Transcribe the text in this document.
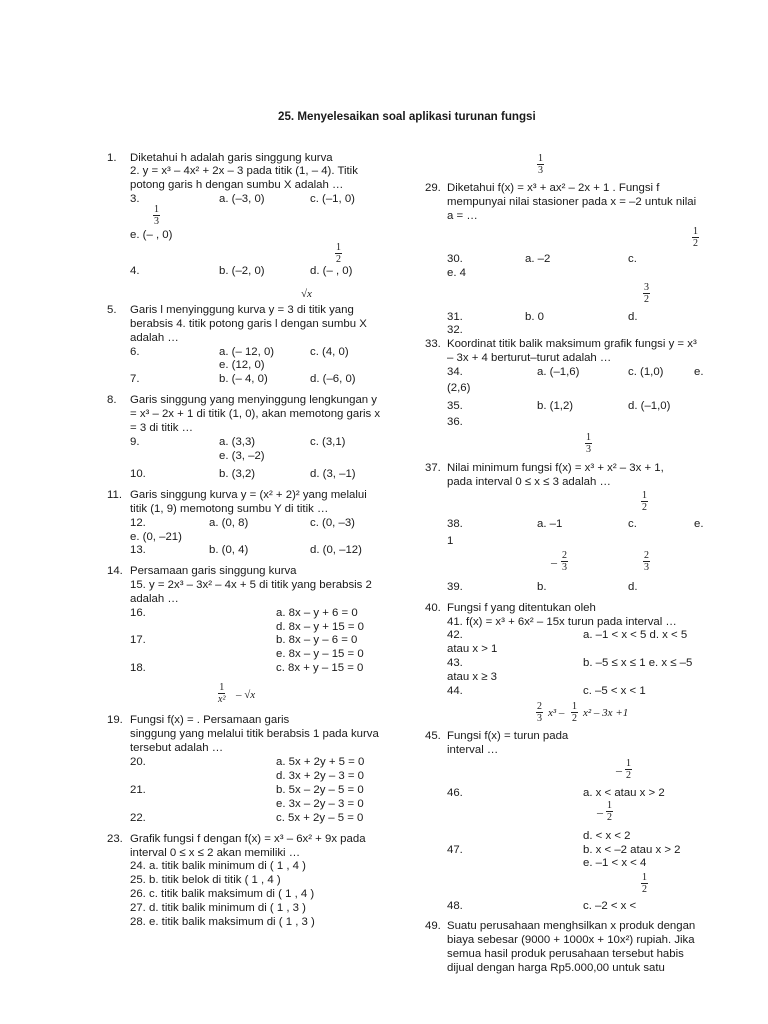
25. Menyelesaikan soal aplikasi turunan fungsi
1. Diketahui h adalah garis singgung kurva
2. y = x³ – 4x² + 2x – 3 pada titik (1, – 4). Titik
potong garis h dengan sumbu X adalah …
3.	a. (–3, 0)	c. (–1, 0)
$\frac{1}{3}$
e. (– , 0)
$\frac{1}{2}$
4.	b. (–2, 0)	d. (– , 0)
√x
5. Garis l menyinggung kurva y = 3 di titik yang
berabsis 4. titik potong garis l dengan sumbu X
adalah …
6.	a. (– 12, 0)	c. (4, 0)
e. (12, 0)
7.	b. (– 4, 0)	d. (–6, 0)
8. Garis singgung yang menyinggung lengkungan y
= x³ – 2x + 1 di titik (1, 0), akan memotong garis x
= 3 di titik …
9.	a. (3,3)	c. (3,1)
e. (3, –2)
10.	b. (3,2)	d. (3, –1)
11. Garis singgung kurva y = (x² + 2)² yang melalui
titik (1, 9) memotong sumbu Y di titik …
12.	a. (0, 8)	c. (0, –3)
e. (0, –21)
13.	b. (0, 4)	d. (0, –12)
14. Persamaan garis singgung kurva
15. y = 2x³ – 3x² – 4x + 5 di titik yang berabsis 2
adalah …
16.	a. 8x – y + 6 = 0
d. 8x – y + 15 = 0
17.	b. 8x – y – 6 = 0
e. 8x – y – 15 = 0
18.	c. 8x + y – 15 = 0
$\frac{1}{\text{x²}} - √x$
19. Fungsi f(x) = . Persamaan garis
singgung yang melalui titik berabsis 1 pada kurva
tersebut adalah …
20.	a. 5x + 2y + 5 = 0
d. 3x + 2y – 3 = 0
21.	b. 5x – 2y – 5 = 0
e. 3x – 2y – 3 = 0
22.	c. 5x + 2y – 5 = 0
23. Grafik fungsi f dengan f(x) = x³ – 6x² + 9x pada
interval 0 ≤ x ≤ 2 akan memiliki …
24. a. titik balik minimum di ( 1 , 4 )
25. b. titik belok di titik ( 1 , 4 )
26. c. titik balik maksimum di ( 1 , 4 )
27. d. titik balik minimum di ( 1 , 3 )
28. e. titik balik maksimum di ( 1 , 3 )
$\frac{1}{3}$
29. Diketahui f(x) = x³ + ax² – 2x + 1 . Fungsi f
mempunyai nilai stasioner pada x = –2 untuk nilai
a = …
$\frac{1}{2}$
30.	a. –2	c.
e. 4
$\frac{3}{2}$
31.	b. 0	d.
32.
33. Koordinat titik balik maksimum grafik fungsi y = x³
– 3x + 4 berturut–turut adalah …
34.	a. (–1,6)	c. (1,0)	e.
(2,6)
35.	b. (1,2)	d. (–1,0)
36.
$\frac{1}{3}$
37. Nilai minimum fungsi f(x) = x³ + x² – 3x + 1,
pada interval 0 ≤ x ≤ 3 adalah …
$\frac{1}{2}$
38.	a. –1	c.	e.
1
– $\frac{2}{3}$	$\frac{2}{3}$
39.	b.	d.
40. Fungsi f yang ditentukan oleh
41. f(x) = x³ + 6x² – 15x turun pada interval …
42.	a. –1 < x < 5 d. x < 5
atau x > 1
43.	b. –5 ≤ x ≤ 1 e. x ≤ –5
atau x ≥ 3
44.	c. –5 < x < 1
$\frac{2}{3} x^3 - \frac{1}{2} x^2 - 3x +1$
45. Fungsi f(x) = turun pada
interval …
– $\frac{1}{2}$
46.	a. x < atau x > 2
– $\frac{1}{2}$
d. < x < 2
47.	b. x < –2 atau x > 2
e. –1 < x < 4
$\frac{1}{2}$
48.	c. –2 < x <
49. Suatu perusahaan menghsilkan x produk dengan
biaya sebesar (9000 + 1000x + 10x²) rupiah. Jika
semua hasil produk perusahaan tersebut habis
dijual dengan harga Rp5.000,00 untuk satu
